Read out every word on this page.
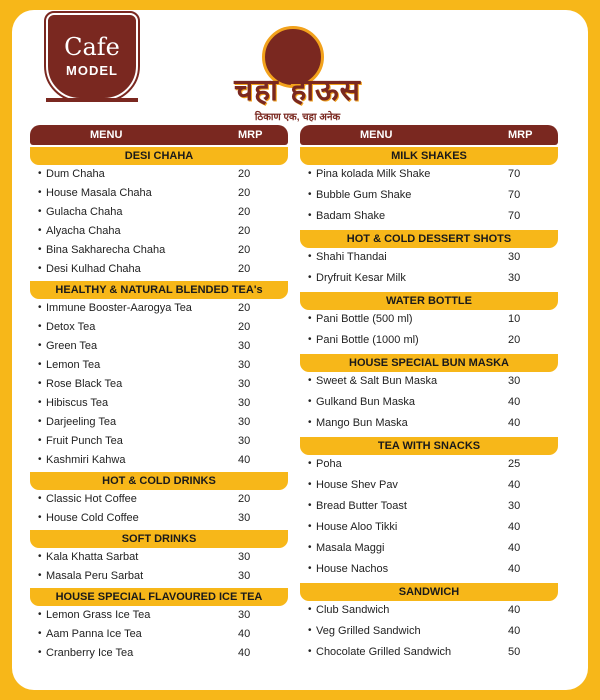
Cafe
MODEL
चहा हाऊस
ठिकाण एक, चहा अनेक
MENU	MRP
DESI CHAHA
• Dum Chaha	20
• House Masala Chaha	20
• Gulacha Chaha	20
• Alyacha Chaha	20
• Bina Sakharecha Chaha	20
• Desi Kulhad Chaha	20
HEALTHY & NATURAL BLENDED TEA's
• Immune Booster-Aarogya Tea	20
• Detox Tea	20
• Green Tea	30
• Lemon Tea	30
• Rose Black Tea	30
• Hibiscus Tea	30
• Darjeeling Tea	30
• Fruit Punch Tea	30
• Kashmiri Kahwa	40
HOT & COLD DRINKS
• Classic Hot Coffee	20
• House Cold Coffee	30
SOFT DRINKS
• Kala Khatta Sarbat	30
• Masala Peru Sarbat	30
HOUSE SPECIAL FLAVOURED ICE TEA
• Lemon Grass Ice Tea	30
• Aam Panna Ice Tea	40
• Cranberry Ice Tea	40
MENU	MRP
MILK SHAKES
• Pina kolada Milk Shake	70
• Bubble Gum Shake	70
• Badam Shake	70
HOT & COLD DESSERT SHOTS
• Shahi Thandai	30
• Dryfruit Kesar Milk	30
WATER BOTTLE
• Pani Bottle (500 ml)	10
• Pani Bottle (1000 ml)	20
HOUSE SPECIAL BUN MASKA
• Sweet & Salt Bun Maska	30
• Gulkand Bun Maska	40
• Mango Bun Maska	40
TEA WITH SNACKS
• Poha	25
• House Shev Pav	40
• Bread Butter Toast	30
• House Aloo Tikki	40
• Masala Maggi	40
• House Nachos	40
SANDWICH
• Club Sandwich	40
• Veg Grilled Sandwich	40
• Chocolate Grilled Sandwich	50
